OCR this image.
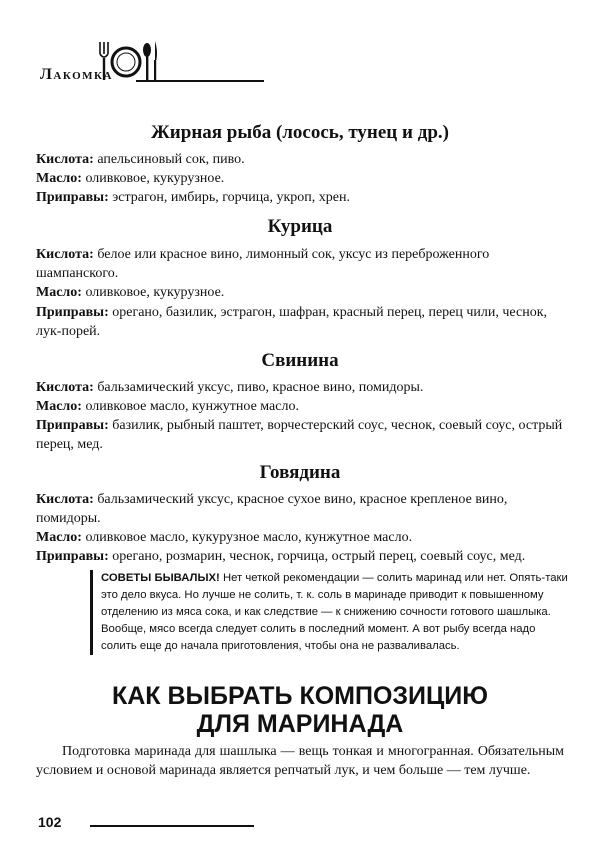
Лакомка
Жирная рыба (лосось, тунец и др.)

Кислота: апельсиновый сок, пиво.

Масло: оливковое, кукурузное.

Приправы: эстрагон, имбирь, горчица, укроп, хрен.

Курица

Кислота: белое или красное вино, лимонный сок, уксус из переброженного шампанского.

Масло: оливковое, кукурузное.

Приправы: орегано, базилик, эстрагон, шафран, красный перец, перец чили, чеснок, лук-порей.

Свинина

Кислота: бальзамический уксус, пиво, красное вино, помидоры.

Масло: оливковое масло, кунжутное масло.

Приправы: базилик, рыбный паштет, ворчестерский соус, чеснок, соевый соус, острый перец, мед.

Говядина

Кислота: бальзамический уксус, красное сухое вино, красное крепленое вино, помидоры.

Масло: оливковое масло, кукурузное масло, кунжутное масло.

Приправы: орегано, розмарин, чеснок, горчица, острый перец, соевый соус, мед.

СОВЕТЫ БЫВАЛЫХ! Нет четкой рекомендации — солить маринад или нет. Опять-таки это дело вкуса. Но лучше не солить, т. к. соль в маринаде приводит к повышенному отделению из мяса сока, и как следствие — к снижению сочности готового шашлыка. Вообще, мясо всегда следует солить в последний момент. А вот рыбу всегда надо солить еще до начала приготовления, чтобы она не разваливалась.
КАК ВЫБРАТЬ КОМПОЗИЦИЮ
ДЛЯ МАРИНАДА

Подготовка маринада для шашлыка — вещь тонкая и многогранная. Обязательным условием и основой маринада является репчатый лук, и чем больше — тем лучше.

102
